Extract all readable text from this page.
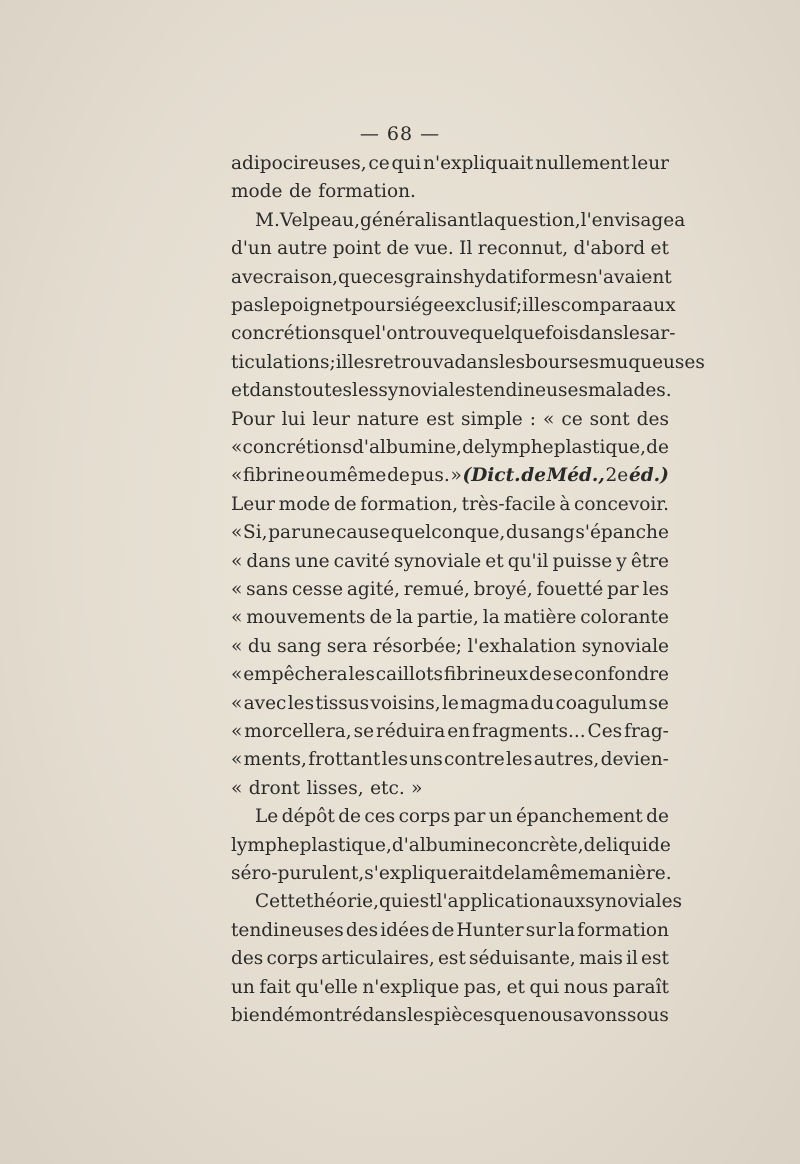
— 68 —
adipocireuses, ce qui n'expliquait nullement leur
mode de formation.
M. Velpeau, généralisant la question, l'envisagea
d'un autre point de vue. Il reconnut, d'abord et
avec raison, que ces grains hydatiformes n'avaient
pas le poignet pour siége exclusif; il les compara aux
concrétions que l'on trouve quelquefois dans les ar-
ticulations; il les retrouva dans les bourses muqueuses
et dans toutes les synoviales tendineuses malades.
Pour lui leur nature est simple : « ce sont des
« concrétions d'albumine, de lymphe plastique, de
« fibrine ou même de pus. » (Dict. de Méd., 2e éd.)
Leur mode de formation, très-facile à concevoir.
« Si, par une cause quelconque, du sang s'épanche
« dans une cavité synoviale et qu'il puisse y être
« sans cesse agité, remué, broyé, fouetté par les
« mouvements de la partie, la matière colorante
« du sang sera résorbée; l'exhalation synoviale
« empêchera les caillots fibrineux de se confondre
« avec les tissus voisins, le magma du coagulum se
« morcellera, se réduira en fragments... Ces frag-
« ments, frottant les uns contre les autres, devien-
« dront lisses, etc. »
Le dépôt de ces corps par un épanchement de
lymphe plastique, d'albumine concrète, de liquide
séro-purulent, s'expliquerait de la même manière.
Cette théorie, qui est l'application aux synoviales
tendineuses des idées de Hunter sur la formation
des corps articulaires, est séduisante, mais il est
un fait qu'elle n'explique pas, et qui nous paraît
bien démontré dans les pièces que nous avons sous
